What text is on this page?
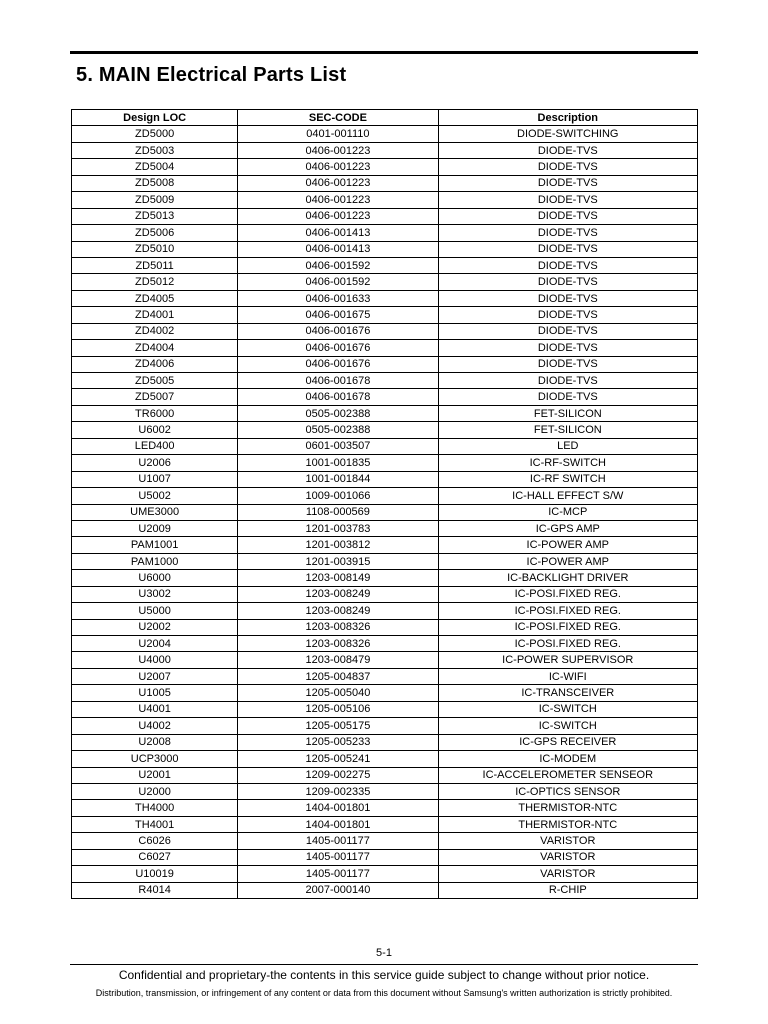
5. MAIN Electrical Parts List
Design LOC	SEC-CODE	Description
ZD5000	0401-001110	DIODE-SWITCHING
ZD5003	0406-001223	DIODE-TVS
ZD5004	0406-001223	DIODE-TVS
ZD5008	0406-001223	DIODE-TVS
ZD5009	0406-001223	DIODE-TVS
ZD5013	0406-001223	DIODE-TVS
ZD5006	0406-001413	DIODE-TVS
ZD5010	0406-001413	DIODE-TVS
ZD5011	0406-001592	DIODE-TVS
ZD5012	0406-001592	DIODE-TVS
ZD4005	0406-001633	DIODE-TVS
ZD4001	0406-001675	DIODE-TVS
ZD4002	0406-001676	DIODE-TVS
ZD4004	0406-001676	DIODE-TVS
ZD4006	0406-001676	DIODE-TVS
ZD5005	0406-001678	DIODE-TVS
ZD5007	0406-001678	DIODE-TVS
TR6000	0505-002388	FET-SILICON
U6002	0505-002388	FET-SILICON
LED400	0601-003507	LED
U2006	1001-001835	IC-RF-SWITCH
U1007	1001-001844	IC-RF SWITCH
U5002	1009-001066	IC-HALL EFFECT S/W
UME3000	1108-000569	IC-MCP
U2009	1201-003783	IC-GPS AMP
PAM1001	1201-003812	IC-POWER AMP
PAM1000	1201-003915	IC-POWER AMP
U6000	1203-008149	IC-BACKLIGHT DRIVER
U3002	1203-008249	IC-POSI.FIXED REG.
U5000	1203-008249	IC-POSI.FIXED REG.
U2002	1203-008326	IC-POSI.FIXED REG.
U2004	1203-008326	IC-POSI.FIXED REG.
U4000	1203-008479	IC-POWER SUPERVISOR
U2007	1205-004837	IC-WIFI
U1005	1205-005040	IC-TRANSCEIVER
U4001	1205-005106	IC-SWITCH
U4002	1205-005175	IC-SWITCH
U2008	1205-005233	IC-GPS RECEIVER
UCP3000	1205-005241	IC-MODEM
U2001	1209-002275	IC-ACCELEROMETER SENSEOR
U2000	1209-002335	IC-OPTICS SENSOR
TH4000	1404-001801	THERMISTOR-NTC
TH4001	1404-001801	THERMISTOR-NTC
C6026	1405-001177	VARISTOR
C6027	1405-001177	VARISTOR
U10019	1405-001177	VARISTOR
R4014	2007-000140	R-CHIP
5-1
Confidential and proprietary-the contents in this service guide subject to change without prior notice.
Distribution, transmission, or infringement of any content or data from this document without Samsung's written authorization is strictly prohibited.
